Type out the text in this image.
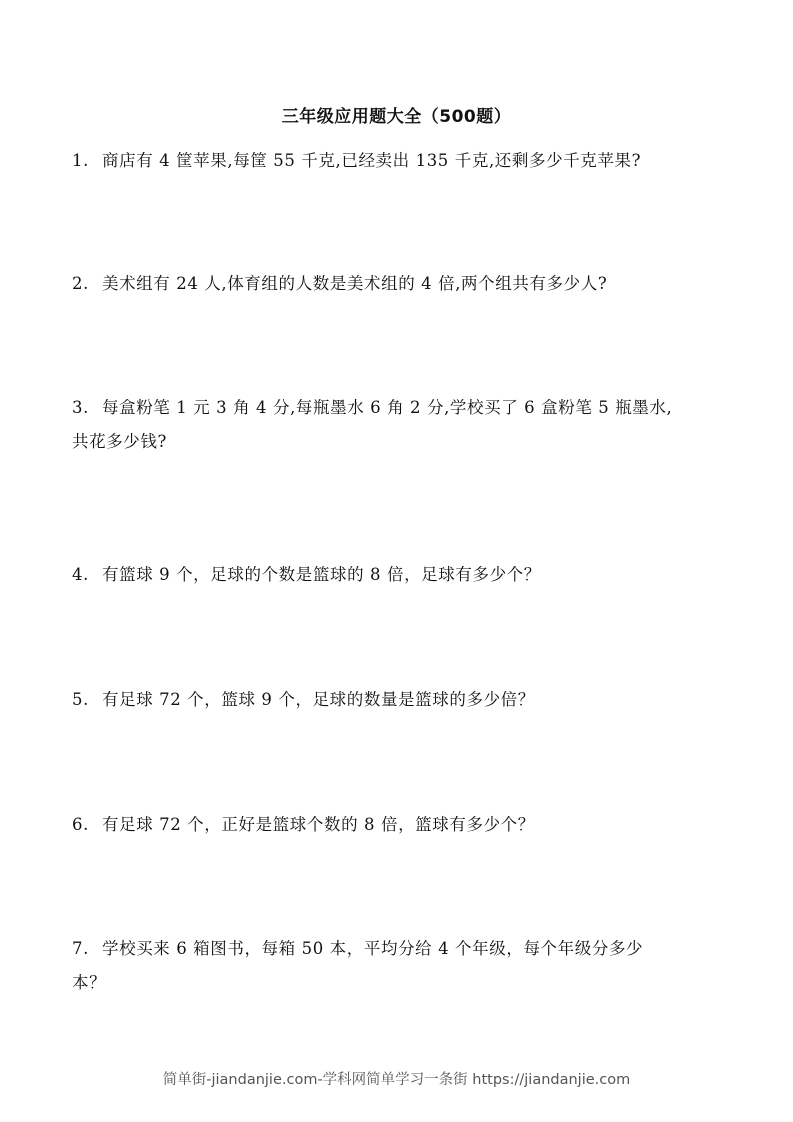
三年级应用题大全（500题）
1. 商店有 4 筐苹果,每筐 55 千克,已经卖出 135 千克,还剩多少千克苹果?
2. 美术组有 24 人,体育组的人数是美术组的 4 倍,两个组共有多少人?
3. 每盒粉笔 1 元 3 角 4 分,每瓶墨水 6 角 2 分,学校买了 6 盒粉笔 5 瓶墨水,
共花多少钱?
4. 有篮球 9 个，足球的个数是篮球的 8 倍，足球有多少个？
5. 有足球 72 个，篮球 9 个，足球的数量是篮球的多少倍？
6. 有足球 72 个，正好是篮球个数的 8 倍，篮球有多少个？
7. 学校买来 6 箱图书，每箱 50 本，平均分给 4 个年级，每个年级分多少
本？
简单街-jiandanjie.com-学科网简单学习一条街 https://jiandanjie.com
